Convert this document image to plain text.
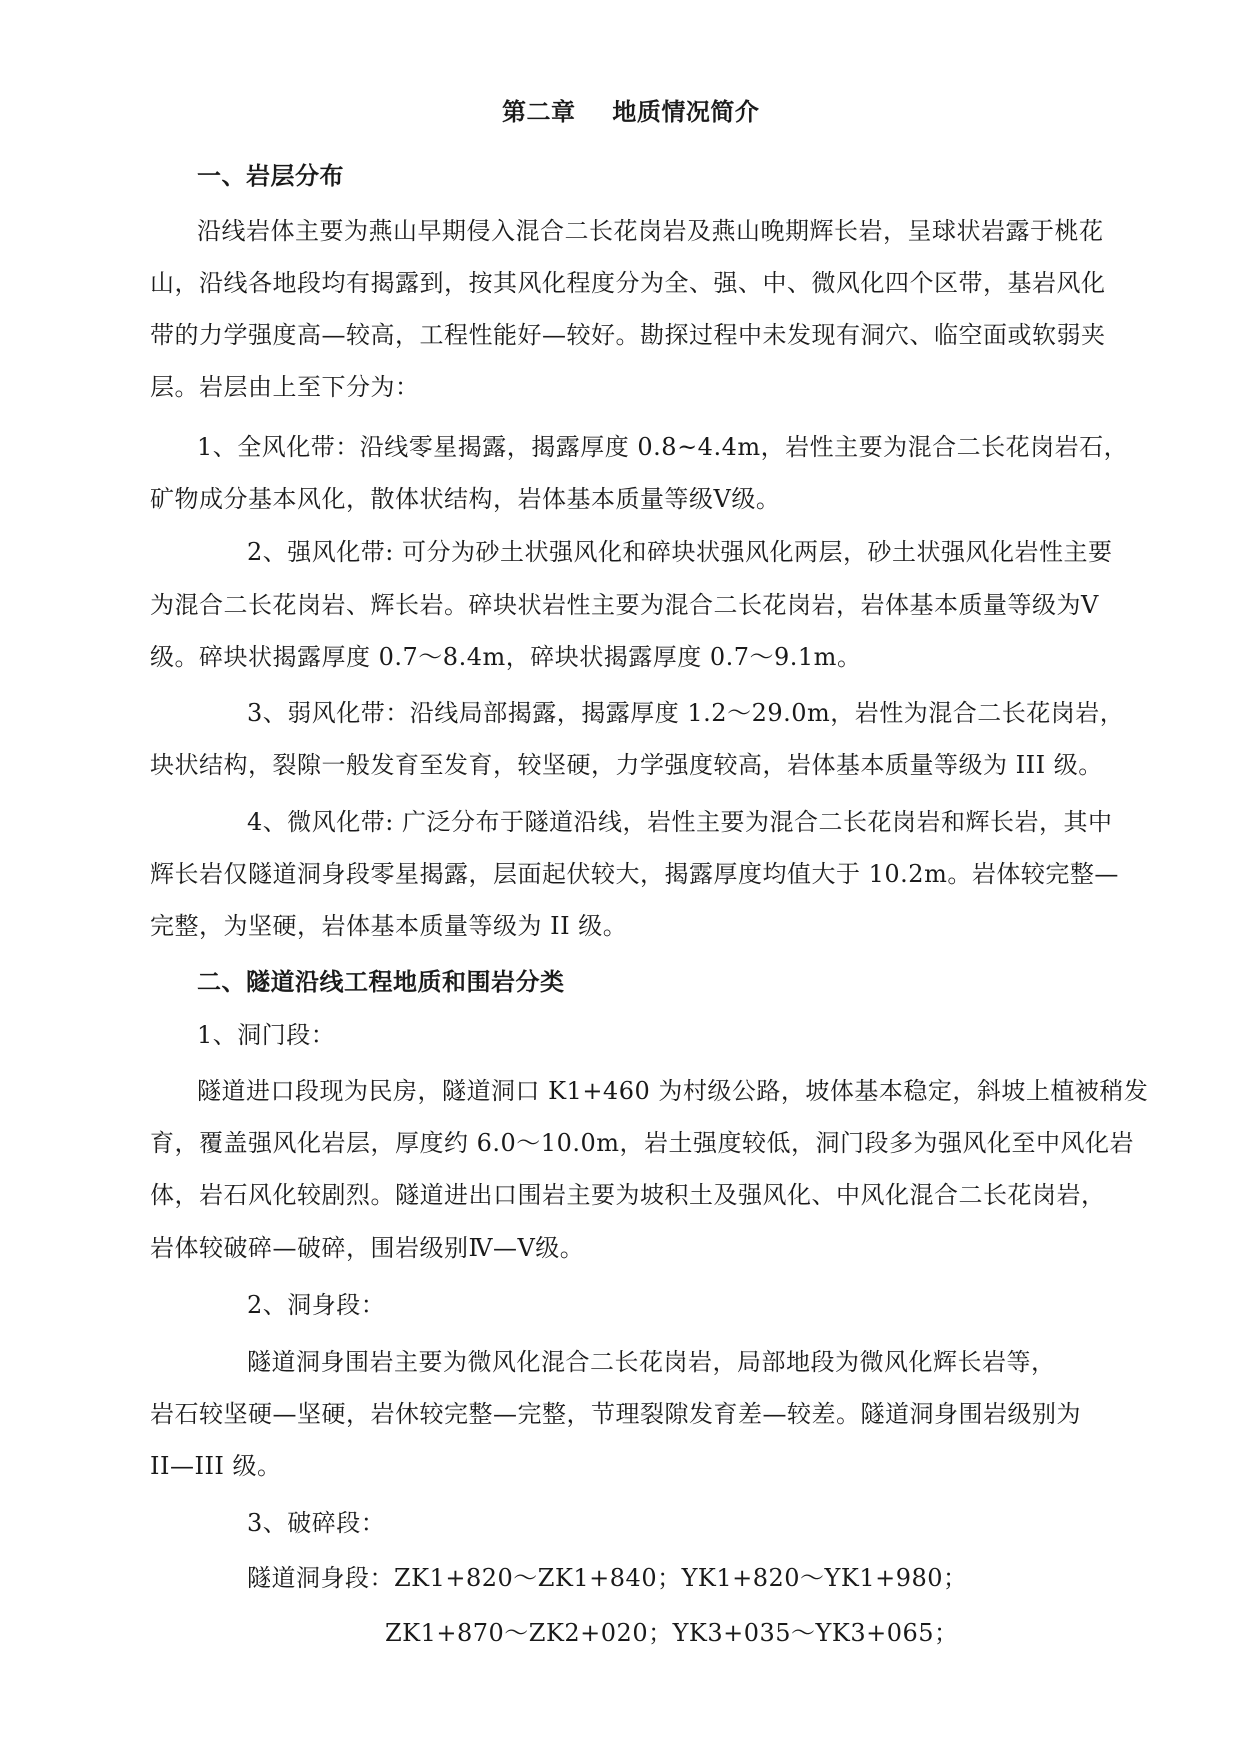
第二章 地质情况简介
一、岩层分布
沿线岩体主要为燕山早期侵入混合二长花岗岩及燕山晚期辉长岩，呈球状岩露于桃花
山，沿线各地段均有揭露到，按其风化程度分为全、强、中、微风化四个区带，基岩风化
带的力学强度高—较高，工程性能好—较好。勘探过程中未发现有洞穴、临空面或软弱夹
层。岩层由上至下分为：
1、全风化带：沿线零星揭露，揭露厚度 0.8~4.4m，岩性主要为混合二长花岗岩石，
矿物成分基本风化，散体状结构，岩体基本质量等级Ⅴ级。
2、强风化带: 可分为砂土状强风化和碎块状强风化两层，砂土状强风化岩性主要
为混合二长花岗岩、辉长岩。碎块状岩性主要为混合二长花岗岩，岩体基本质量等级为V
级。碎块状揭露厚度 0.7～8.4m，碎块状揭露厚度 0.7～9.1m。
3、弱风化带：沿线局部揭露，揭露厚度 1.2～29.0m，岩性为混合二长花岗岩，
块状结构，裂隙一般发育至发育，较坚硬，力学强度较高，岩体基本质量等级为 III 级。
4、微风化带: 广泛分布于隧道沿线，岩性主要为混合二长花岗岩和辉长岩，其中
辉长岩仅隧道洞身段零星揭露，层面起伏较大，揭露厚度均值大于 10.2m。岩体较完整—
完整，为坚硬，岩体基本质量等级为 II 级。
二、隧道沿线工程地质和围岩分类
1、洞门段：
隧道进口段现为民房，隧道洞口 K1+460 为村级公路，坡体基本稳定，斜坡上植被稍发
育，覆盖强风化岩层，厚度约 6.0～10.0m，岩土强度较低，洞门段多为强风化至中风化岩
体，岩石风化较剧烈。隧道进出口围岩主要为坡积土及强风化、中风化混合二长花岗岩，
岩体较破碎—破碎，围岩级别Ⅳ—Ⅴ级。
2、洞身段：
隧道洞身围岩主要为微风化混合二长花岗岩，局部地段为微风化辉长岩等，
岩石较坚硬—坚硬，岩休较完整—完整，节理裂隙发育差—较差。隧道洞身围岩级别为
II—III 级。
3、破碎段：
隧道洞身段：ZK1+820～ZK1+840；YK1+820～YK1+980；
ZK1+870～ZK2+020；YK3+035～YK3+065；
